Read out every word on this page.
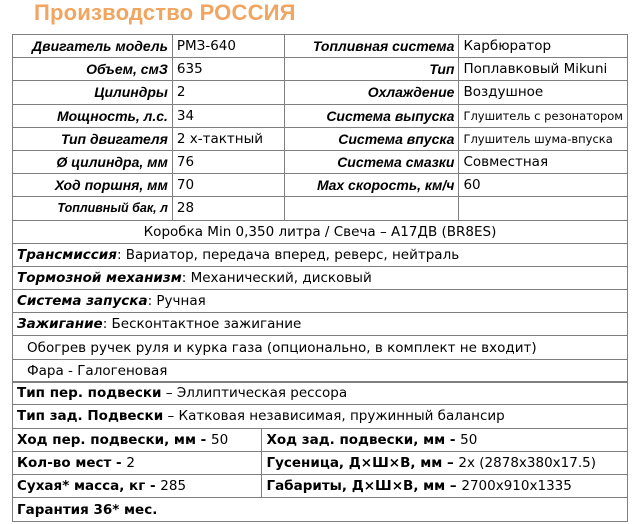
Производство РОССИЯ
Двигатель модель	РМЗ-640	Топливная система	Карбюратор
Объем, смЗ	635	Тип	Поплавковый Mikuni
Цилиндры	2	Охлаждение	Воздушное
Мощность, л.с.	34	Система выпуска	Глушитель с резонатором
Тип двигателя	2 х-тактный	Система впуска	Глушитель шума-впуска
Ø цилиндра, мм	76	Система смазки	Совместная
Ход поршня, мм	70	Max скорость, км/ч	60
Топливный бак, л	28		
Коробка Min 0,350 литра / Свеча – А17ДВ (BR8ES)			
Трансмиссия: Вариатор, передача вперед, реверс, нейтраль			
Тормозной механизм: Механический, дисковый			
Система запуска: Ручная			
Зажигание: Бесконтактное зажигание			
Обогрев ручек руля и курка газа (опционально, в комплект не входит)			
Фара - Галогеновая			
Тип пер. подвески – Эллиптическая рессора	
Тип зад. Подвески – Катковая независимая, пружинный балансир	
Ход пер. подвески, мм - 50	Ход зад. подвески, мм - 50
Кол-во мест - 2	Гусеница, Д×Ш×В, мм – 2х (2878х380х17.5)
Сухая* масса, кг - 285	Габариты, Д×Ш×В, мм – 2700х910х1335
Гарантия 36* мес.	
